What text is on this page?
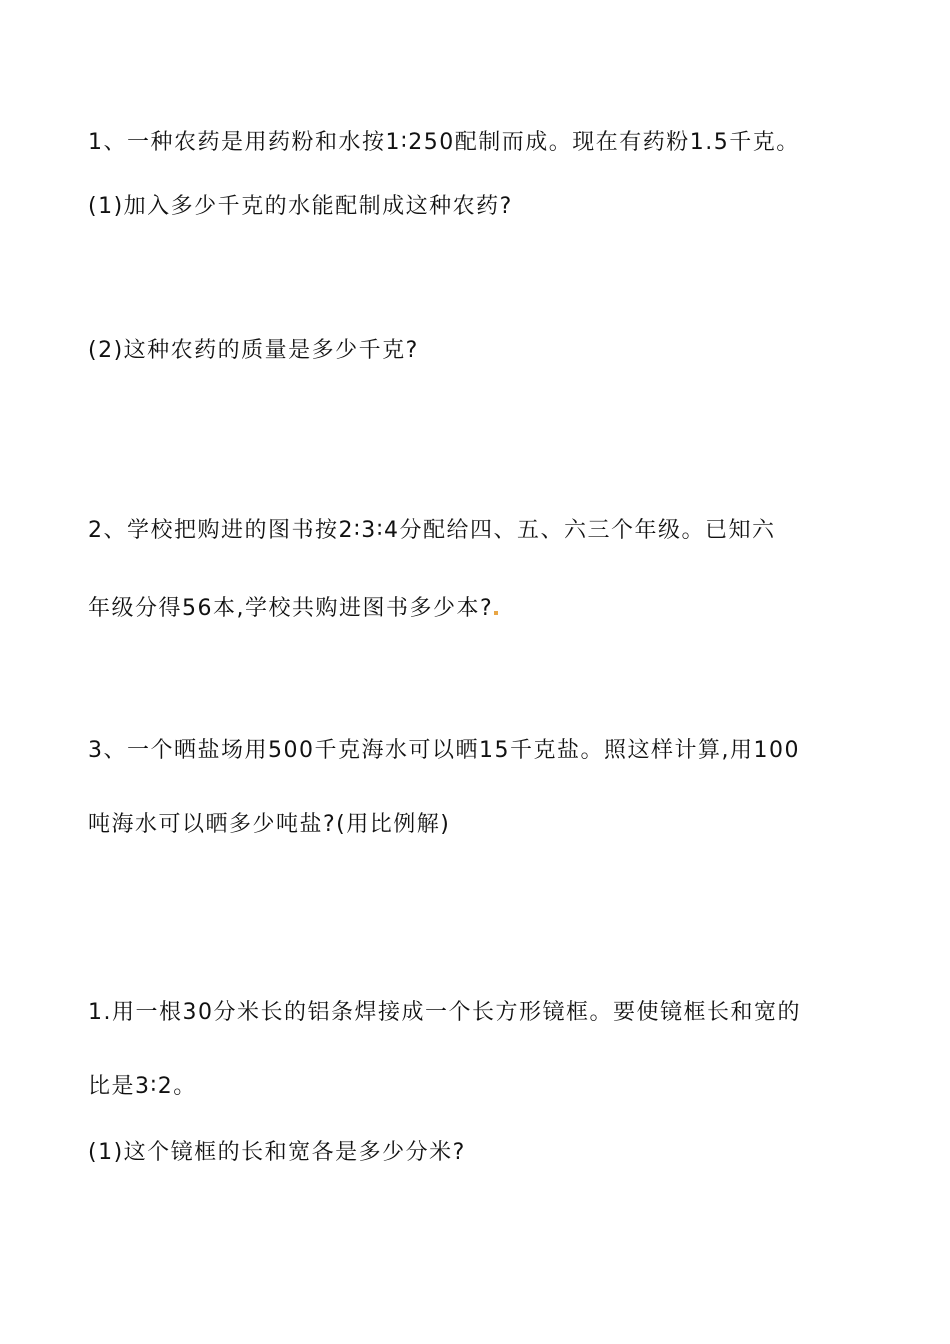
1、一种农药是用药粉和水按1∶250配制而成。现在有药粉1.5千克。
(1)加入多少千克的水能配制成这种农药?
(2)这种农药的质量是多少千克?
2、学校把购进的图书按2∶3∶4分配给四、五、六三个年级。已知六
年级分得56本,学校共购进图书多少本?
3、一个晒盐场用500千克海水可以晒15千克盐。照这样计算,用100
吨海水可以晒多少吨盐?(用比例解)
1.用一根30分米长的铝条焊接成一个长方形镜框。要使镜框长和宽的
比是3∶2。
(1)这个镜框的长和宽各是多少分米?
